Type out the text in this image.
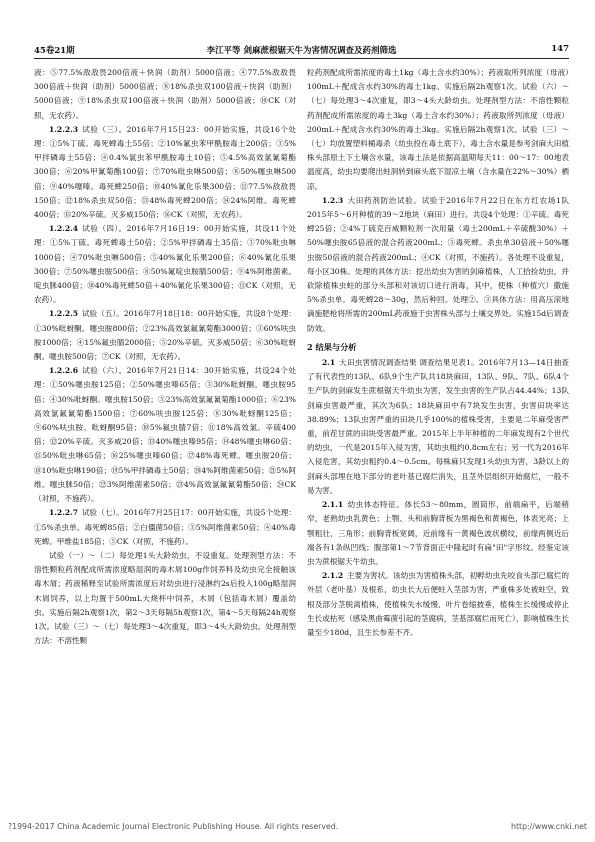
45卷21期	李江平等 剑麻蔗根锯天牛为害情况调查及药剂筛选	147

液：⑤77.5%敌敌畏200倍液＋快润（助剂）5000倍液；④77.5%敌敌畏300倍液＋快润（助剂）5000倍液；⑧18%杀虫双100倍液＋快润（助剂）5000倍液；⑨18%杀虫双100倍液＋快润（助剂）5000倍液；⑩CK（对照，无农药）。

1.2.2.3  试验（三）。2016年7月15日23：00开始实施，共设16个处理：①5%丁硫。毒死蜱毒土55倍；②10%氟虫苯甲酰胺毒土200倍；③5%甲拌磷毒土55倍；④0.4%氯虫苯甲酰胺毒土10倍；⑤4.5%高效氯氰菊酯300倍；⑥20%甲氰菊酯100倍；⑦70%吡虫啉500倍；⑧50%噻虫啉500倍；⑨40%噻嗪。毒死蜱250倍；⑩40%氰化乐果300倍；⑪77.5%敌敌畏150倍；⑫18%杀虫双50倍；⑬48%毒死蜱200倍；⑭24%阿维。毒死蜱400倍；⑮20%辛硫。灭多威150倍；⑯CK（对照，无农药）。

1.2.2.4  试验（四）。2016年7月16日19：00开始实施，共设11个处理：①5%丁硫。毒死蜱毒土50倍；②5%甲拌磷毒土35倍；③70%吡虫啉1000倍；④70%吡虫啉500倍；⑤40%氰化乐果200倍；⑥40%氰化乐果300倍；⑦50%噻虫胺500倍；⑧50%氟啶虫胺腈500倍；⑨4%阿维菌素。啶虫脒400倍；⑩40%毒死蜱50倍＋40%氰化乐果300倍；⑪CK（对照，无农药）。

1.2.2.5  试验（五）。2016年7月18日18：00开始实施，共设8个处理：①30%吡蚜酮。噻虫胺800倍；②23%高效氯氟氰菊酯3000倍；③60%呋虫胺1000倍；④15%氟虫腈2000倍；⑤20%辛硫。灭多威50倍；⑥30%吡蚜酮。噻虫胺500倍；⑦CK（对照，无农药）。

1.2.2.6  试验（六）。2016年7月21日14：30开始实施，共设24个处理：①50%噻虫胺125倍；②50%噻虫嗪65倍；③30%吡蚜酮。噻虫胺95倍；④30%吡蚜酮。噻虫胺150倍；⑤23%高效氯氟氰菊酯1000倍；⑥23%高效氯氟氰菊酯1500倍；⑦60%呋虫胺125倍；⑧30%吡蚜酮125倍；⑨60%呋虫胺。吡蚜酮95倍；⑩5%氟虫腈7倍；⑪18%高效氯。辛硫400倍；⑫20%辛硫。灭多威20倍；⑬40%噻虫嗪95倍；⑭48%噻虫啉60倍；⑮50%吡虫啉65倍；⑯25%噻虫嗪60倍；⑰48%毒死蜱。噻虫胺20倍；⑱10%吡虫啉190倍；⑲5%甲拌磷毒土50倍；⑳4%阿维菌素50倍；㉑5%阿维。噻虫脒50倍；㉒3%阿维菌素50倍；㉓4%高效氯氟氰菊酯50倍；㉔CK（对照，不施药）。

1.2.2.7  试验（七）。2016年7月25日17：00开始实施，共设5个处理：①5%杀虫单。毒死蜱85倍；②白僵菌50倍；③5%阿维菌素50倍；④40%毒死蜱。甲维盐185倍；⑤CK（对照，不施药）。

试验（一）～（二）每处理1头大龄幼虫，不设重复。处理剂型方法：不溶性颗粒药剂配成所需浓度略湿润的毒木屑100g作饲养料及幼虫完全接触该毒木屑；药液稀释至试验所需浓度后对幼虫进行浸淋约2s后投入100g略湿润木屑饲养，以上均置于500mL大烧杯中饲养，木屑（包括毒木屑）覆盖幼虫。实施后隔2h观察1次，第2～3天每隔5h观察1次，第4～5天每隔24h观察1次。试验（三）～（七）每处理3～4次重复，即3～4头大龄幼虫。处理剂型方法：不溶性颗

粒药剂配成所需浓度的毒土1kg（毒土含水约30%）；药液取所列浓度（母液）100mL＋配成含水约30%的毒土1kg。实施后隔2h观察1次。试验（六）～（七）每处理3～4次重复，即3～4头大龄幼虫。处理剂型方法：不溶性颗粒药剂配成所需浓度的毒土3kg（毒土含水约30%）；药液取所列浓度（母液）200mL＋配成含水约30%的毒土3kg。实施后隔2h观察1次。试验（三）～（七）均放置塑料桶毒杀（幼虫投在毒土底下），毒土含水量是参考剑麻大田植株头部原土下土壤含水量，该毒土法是依据高温期每天11：00～17：00地表温度高，幼虫均要爬出蛀洞转到麻头底下湿凉土壤（含水量在22%～30%）栖凉。

1.2.3  大田药剂防治试验。试验于2016年7月22日在东方红农场1队2015年5～6月种植的39～2地块（麻田）进行。共设4个处理：①辛硫。毒死蜱25倍；②4%丁硫克百威颗粒剂一次用量（毒土200mL＋辛硫酸30%）＋50%噻虫胺65倍液的混合药液200mL；③毒死蜱。杀虫单30倍液＋50%噻虫胺50倍液的混合药液200mL；④CK（对照，不施药）。各处理不设重复，每小区30株。处理的具体方法：挖出幼虫为害的剑麻植株，人工拾捡幼虫，并砍除植株虫蛀的部分头部和对该切口进行消毒，其中，使株（种植穴）撒施5%杀虫单。毒死蜱28～30g，然后种回。处理②、③具体方法：用高压滚地滴施肥枪将所需的200mL药液施于虫害株头部与土壤交界处。实施15d后调查防效。

2 结果与分析

2.1  大田虫害情况调查结果 调查结果见表1。2016年7月13—14日抽查了有代表性的13队、6队9个生产队共18块麻田，13队、9队、7队、6队4个生产队的剑麻发生蔗根锯天牛幼虫为害，发生虫害的生产队占44.44%；13队剑麻虫害最严重，其次为6队；18块麻田中有7块发生虫害，虫害田块率达38.89%；13队虫害严重的田块几乎100%的植株受害，主要是二年麻受害严重，前茬甘蔗的田块受害最严重。2015年上半年种植的二年麻发现有2个世代的幼虫，一代是2015年入侵为害，其幼虫粗约0.8cm左右；另一代为2016年入侵危害，其幼虫粗约0.4～0.5cm。每株麻只发现1头幼虫为害，3龄以上的剑麻头部埋在地下部分的老叶基已腐烂消失，且茎外层组织开始腐烂，一般不易为害。

2.1.1  幼虫体态特征。体长53～80mm，圆筒形，前端扁平，后端稍窄，老熟幼虫乳黄色；上颚、头和前胸背板为黑褐色和黄褐色，体表光亮；上颚粗壮，三角形；前胸背板宽阔，近前缘有一黄褐色波状横纹，前缘两侧近后端各有1条纵凹线；腹部第1～7节背面正中隆起时有扁"田"字形纹。经鉴定该虫为蔗根锯天牛幼虫。

2.1.2  主要为害状。该幼虫为害植株头部，初孵幼虫先咬食头部已腐烂的外层（老叶基）及根系，幼虫长大后便蛀入茎部为害，严重株多处被蛀空，致根及部分茎脱离植株，使植株失水缓慢、叶片卷缩披垂，植株生长缓慢或停止生长或枯死（感染黑曲霉菌引起的茎腐病，茎基部腐烂而死亡），影响植株生长量至少180d，且生长参差不齐。

?1994-2017 China Academic Journal Electronic Publishing House. All rights reserved.	http://www.cnki.net
